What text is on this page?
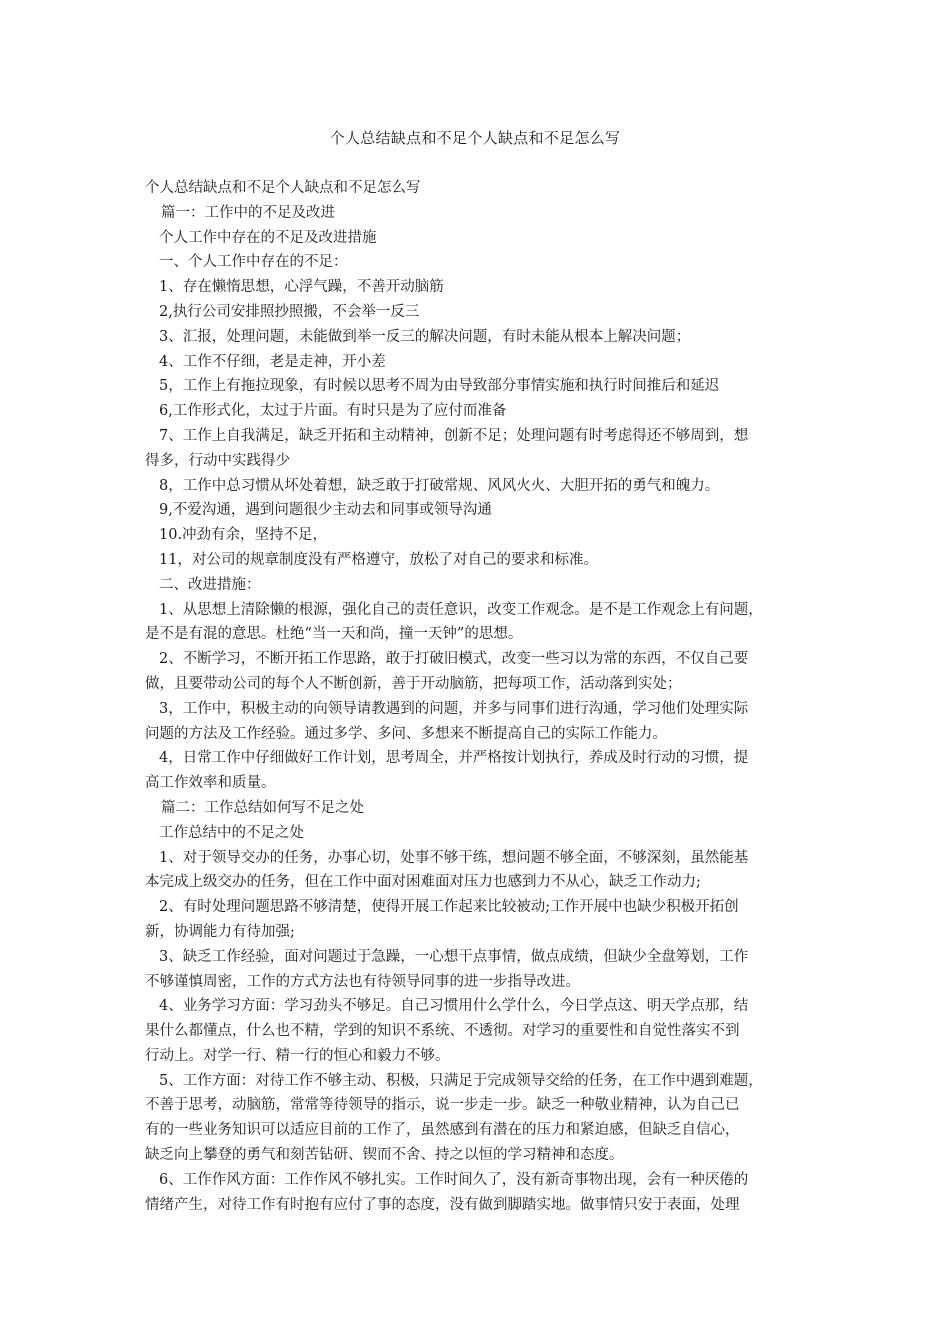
个人总结缺点和不足个人缺点和不足怎么写
个人总结缺点和不足个人缺点和不足怎么写
篇一：工作中的不足及改进
个人工作中存在的不足及改进措施
一、个人工作中存在的不足：
1、存在懒惰思想，心浮气躁，不善开动脑筋
2,执行公司安排照抄照搬，不会举一反三
3、汇报，处理问题，未能做到举一反三的解决问题，有时未能从根本上解决问题；
4、工作不仔细，老是走神，开小差
5，工作上有拖拉现象，有时候以思考不周为由导致部分事情实施和执行时间推后和延迟
6,工作形式化，太过于片面。有时只是为了应付而准备
7、工作上自我满足，缺乏开拓和主动精神，创新不足；处理问题有时考虑得还不够周到，想
得多，行动中实践得少
8，工作中总习惯从坏处着想，缺乏敢于打破常规、风风火火、大胆开拓的勇气和魄力。
9,不爱沟通，遇到问题很少主动去和同事或领导沟通
10.冲劲有余，坚持不足，
11，对公司的规章制度没有严格遵守，放松了对自己的要求和标准。
二、改进措施：
1、从思想上清除懒的根源，强化自己的责任意识，改变工作观念。是不是工作观念上有问题，
是不是有混的意思。杜绝“当一天和尚，撞一天钟”的思想。
2、不断学习，不断开拓工作思路，敢于打破旧模式，改变一些习以为常的东西，不仅自己要
做，且要带动公司的每个人不断创新，善于开动脑筋，把每项工作，活动落到实处；
3，工作中，积极主动的向领导请教遇到的问题，并多与同事们进行沟通，学习他们处理实际
问题的方法及工作经验。通过多学、多问、多想来不断提高自己的实际工作能力。
4，日常工作中仔细做好工作计划，思考周全，并严格按计划执行，养成及时行动的习惯，提
高工作效率和质量。
篇二：工作总结如何写不足之处
工作总结中的不足之处
1、对于领导交办的任务，办事心切，处事不够干练，想问题不够全面，不够深刻，虽然能基
本完成上级交办的任务，但在工作中面对困难面对压力也感到力不从心，缺乏工作动力;
2、有时处理问题思路不够清楚，使得开展工作起来比较被动;工作开展中也缺少积极开拓创
新，协调能力有待加强;
3、缺乏工作经验，面对问题过于急躁，一心想干点事情，做点成绩，但缺少全盘筹划，工作
不够谨慎周密，工作的方式方法也有待领导同事的进一步指导改进。
4、业务学习方面：学习劲头不够足。自己习惯用什么学什么，今日学点这、明天学点那，结
果什么都懂点，什么也不精，学到的知识不系统、不透彻。对学习的重要性和自觉性落实不到
行动上。对学一行、精一行的恒心和毅力不够。
5、工作方面：对待工作不够主动、积极，只满足于完成领导交给的任务，在工作中遇到难题，
不善于思考，动脑筋，常常等待领导的指示，说一步走一步。缺乏一种敬业精神，认为自己已
有的一些业务知识可以适应目前的工作了，虽然感到有潜在的压力和紧迫感，但缺乏自信心，
缺乏向上攀登的勇气和刻苦钻研、锲而不舍、持之以恒的学习精神和态度。
6、工作作风方面：工作作风不够扎实。工作时间久了，没有新奇事物出现，会有一种厌倦的
情绪产生，对待工作有时抱有应付了事的态度，没有做到脚踏实地。做事情只安于表面，处理
